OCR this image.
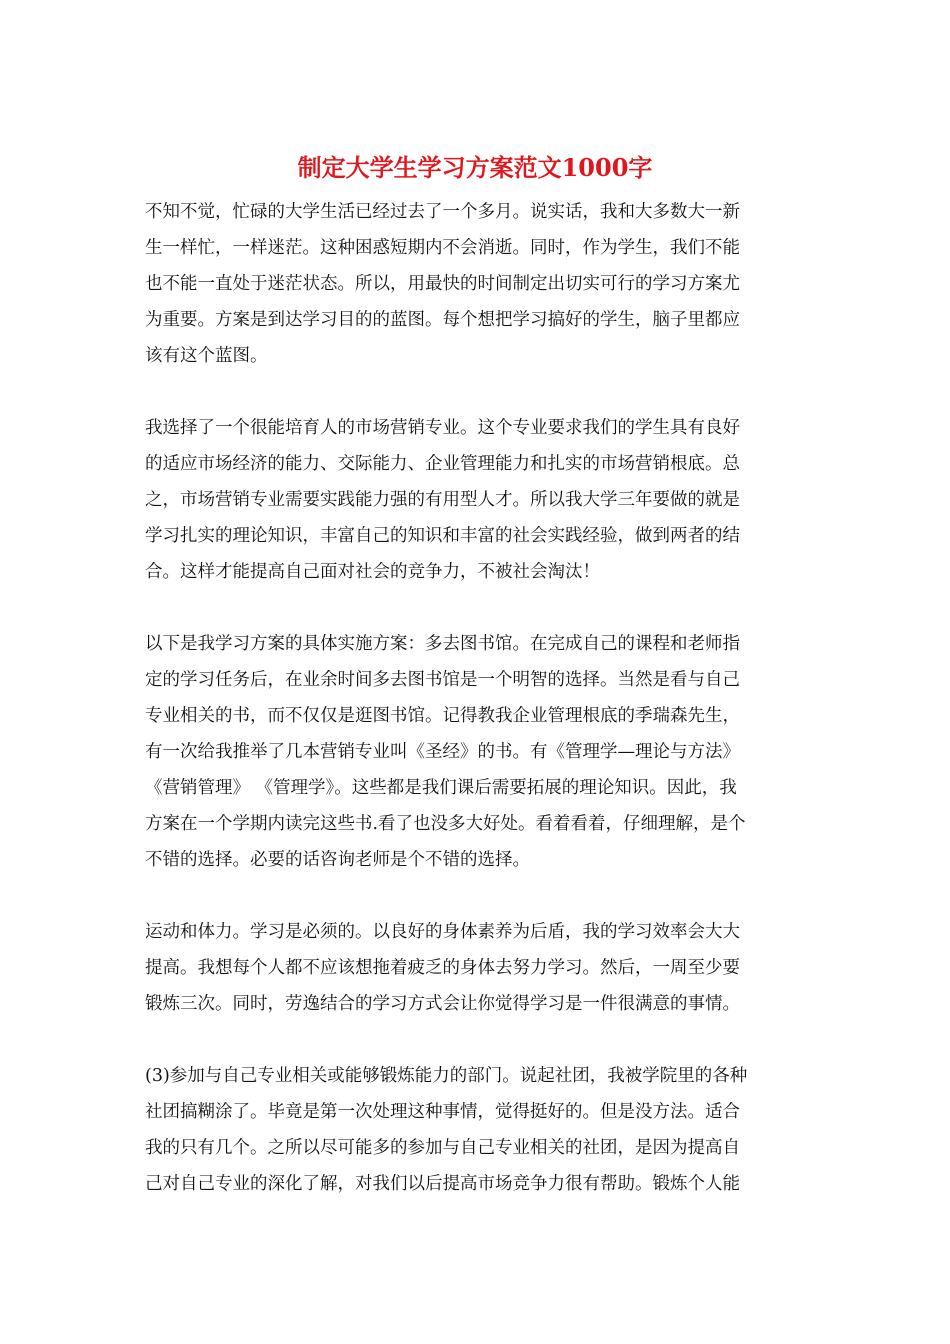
制定大学生学习方案范文1000字
不知不觉，忙碌的大学生活已经过去了一个多月。说实话，我和大多数大一新
生一样忙，一样迷茫。这种困惑短期内不会消逝。同时，作为学生，我们不能
也不能一直处于迷茫状态。所以，用最快的时间制定出切实可行的学习方案尤
为重要。方案是到达学习目的的蓝图。每个想把学习搞好的学生，脑子里都应
该有这个蓝图。
我选择了一个很能培育人的市场营销专业。这个专业要求我们的学生具有良好
的适应市场经济的能力、交际能力、企业管理能力和扎实的市场营销根底。总
之，市场营销专业需要实践能力强的有用型人才。所以我大学三年要做的就是
学习扎实的理论知识，丰富自己的知识和丰富的社会实践经验，做到两者的结
合。这样才能提高自己面对社会的竞争力，不被社会淘汰！
以下是我学习方案的具体实施方案：多去图书馆。在完成自己的课程和老师指
定的学习任务后，在业余时间多去图书馆是一个明智的选择。当然是看与自己
专业相关的书，而不仅仅是逛图书馆。记得教我企业管理根底的季瑞森先生，
有一次给我推举了几本营销专业叫《圣经》的书。有《管理学—理论与方法》
《营销管理》 《管理学》。这些都是我们课后需要拓展的理论知识。因此，我
方案在一个学期内读完这些书.看了也没多大好处。看着看着，仔细理解，是个
不错的选择。必要的话咨询老师是个不错的选择。
运动和体力。学习是必须的。以良好的身体素养为后盾，我的学习效率会大大
提高。我想每个人都不应该想拖着疲乏的身体去努力学习。然后，一周至少要
锻炼三次。同时，劳逸结合的学习方式会让你觉得学习是一件很满意的事情。
(3)参加与自己专业相关或能够锻炼能力的部门。说起社团，我被学院里的各种
社团搞糊涂了。毕竟是第一次处理这种事情，觉得挺好的。但是没方法。适合
我的只有几个。之所以尽可能多的参加与自己专业相关的社团，是因为提高自
己对自己专业的深化了解，对我们以后提高市场竞争力很有帮助。锻炼个人能
